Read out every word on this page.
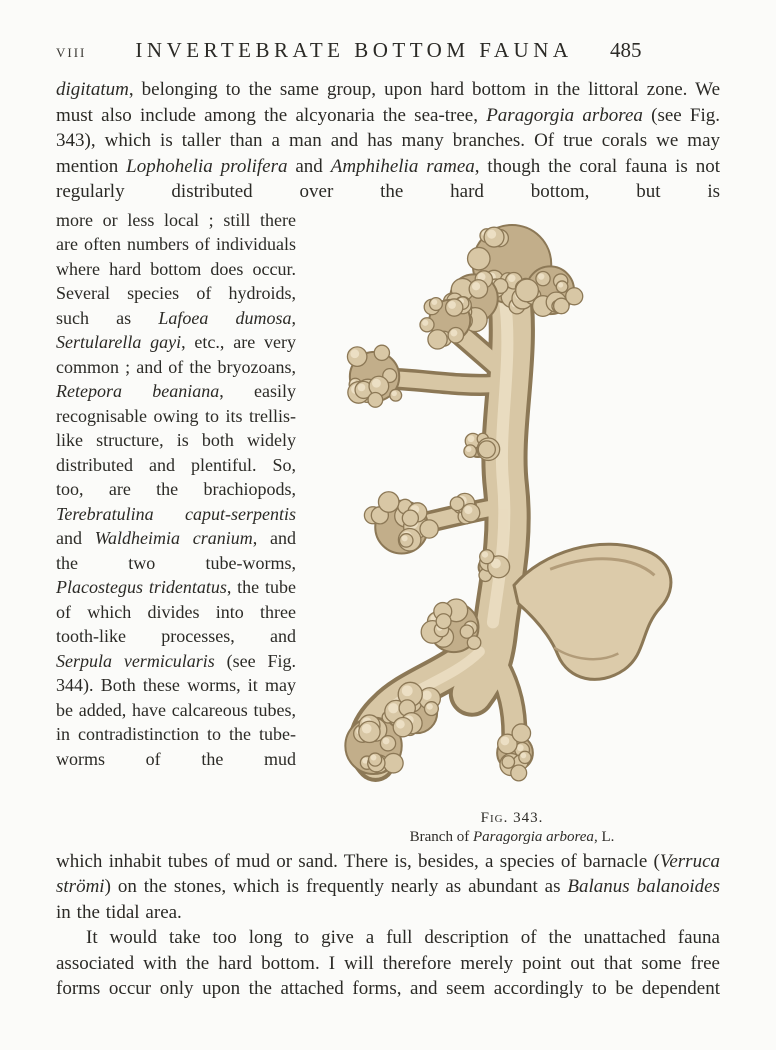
VIII	INVERTEBRATE BOTTOM FAUNA	485
digitatum, belonging to the same group, upon hard bottom in the littoral zone. We must also include among the alcyonaria the sea-tree, Paragorgia arborea (see Fig. 343), which is taller than a man and has many branches. Of true corals we may mention Lophohelia prolifera and Amphihelia ramea, though the coral fauna is not regularly distributed over the hard bottom, but is
more or less local ; still there are often numbers of individuals where hard bottom does occur. Several species of hydroids, such as Lafoea dumosa, Sertularella gayi, etc., are very common ; and of the bryozoans, Retepora beaniana, easily recognisable owing to its trellis-like structure, is both widely distributed and plentiful. So, too, are the brachiopods, Terebratulina caput-serpentis and Waldheimia cranium, and the two tube-worms, Placostegus tridentatus, the tube of which divides into three tooth-like processes, and Serpula vermicularis (see Fig. 344). Both these worms, it may be added, have calcareous tubes, in contradistinction to the tube-worms of the mud
Fig. 343.
Branch of Paragorgia arborea, L.
which inhabit tubes of mud or sand. There is, besides, a species of barnacle (Verruca strömi) on the stones, which is frequently nearly as abundant as Balanus balanoides in the tidal area.
It would take too long to give a full description of the unattached fauna associated with the hard bottom. I will therefore merely point out that some free forms occur only upon the attached forms, and seem accordingly to be dependent
